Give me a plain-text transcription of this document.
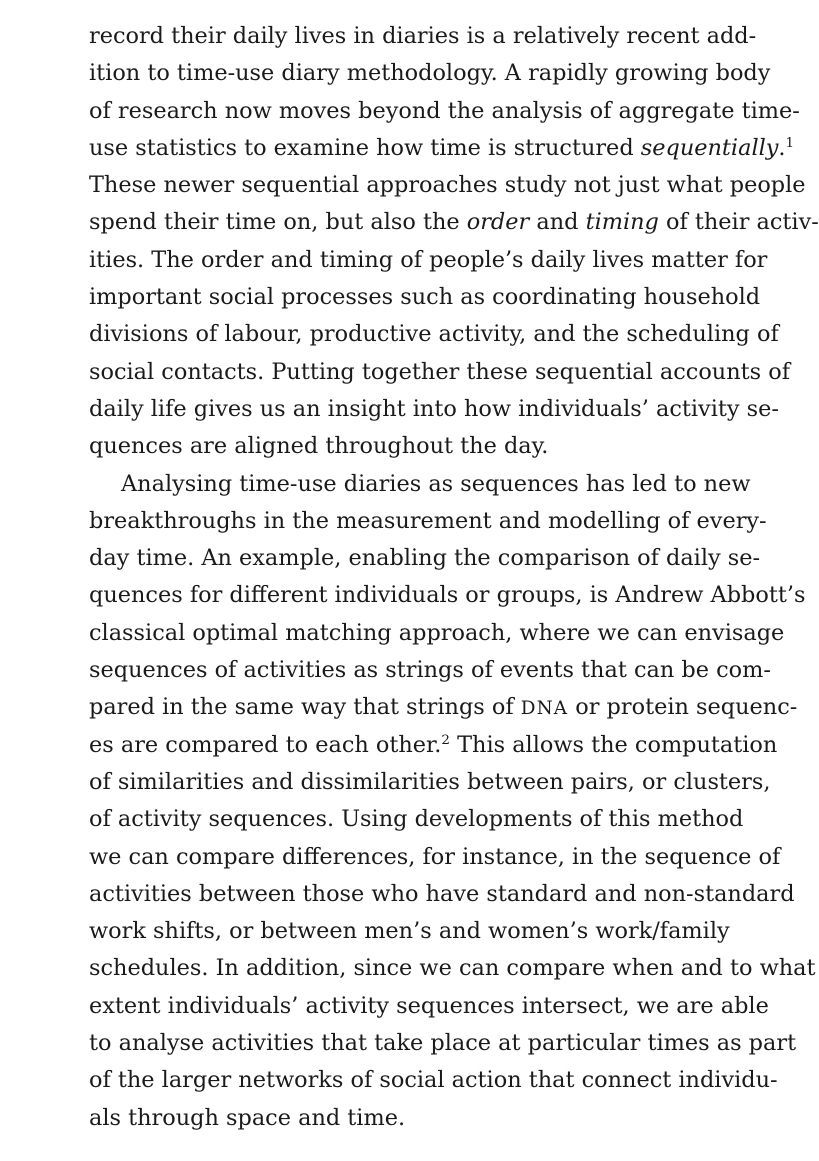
record their daily lives in diaries is a relatively recent add-
ition to time-use diary methodology. A rapidly growing body
of research now moves beyond the analysis of aggregate time-
use statistics to examine how time is structured sequentially.$^1$
These newer sequential approaches study not just what people
spend their time on, but also the order and timing of their activ-
ities. The order and timing of people’s daily lives matter for
important social processes such as coordinating household
divisions of labour, productive activity, and the scheduling of
social contacts. Putting together these sequential accounts of
daily life gives us an insight into how individuals’ activity se-
quences are aligned throughout the day.
Analysing time-use diaries as sequences has led to new
breakthroughs in the measurement and modelling of every-
day time. An example, enabling the comparison of daily se-
quences for different individuals or groups, is Andrew Abbott’s
classical optimal matching approach, where we can envisage
sequences of activities as strings of events that can be com-
pared in the same way that strings of DNA or protein sequenc-
es are compared to each other.$^2$ This allows the computation
of similarities and dissimilarities between pairs, or clusters,
of activity sequences. Using developments of this method
we can compare differences, for instance, in the sequence of
activities between those who have standard and non-standard
work shifts, or between men’s and women’s work/family
schedules. In addition, since we can compare when and to what
extent individuals’ activity sequences intersect, we are able
to analyse activities that take place at particular times as part
of the larger networks of social action that connect individu-
als through space and time.
